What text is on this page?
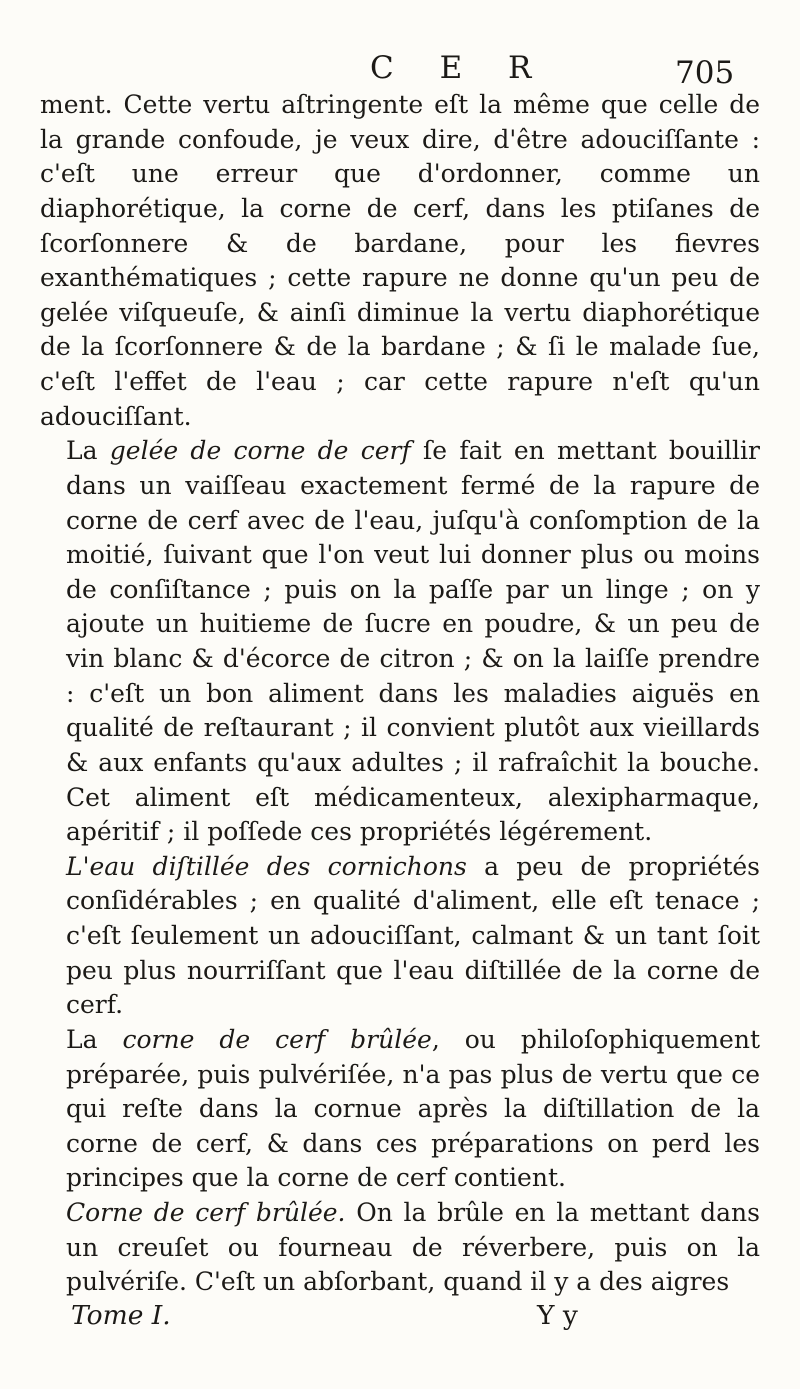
C E R	705

ment. Cette vertu aſtringente eſt la même que celle de la grande confoude, je veux dire, d'être adouciſſante : c'eſt une erreur que d'ordonner, comme un diaphorétique, la corne de cerf, dans les ptiſanes de ſcorſonnere & de bardane, pour les fievres exanthématiques ; cette rapure ne donne qu'un peu de gelée viſqueuſe, & ainſi diminue la vertu diaphorétique de la ſcorſonnere & de la bardane ; & ſi le malade ſue, c'eſt l'effet de l'eau ; car cette rapure n'eſt qu'un adouciſſant.

La gelée de corne de cerf ſe fait en mettant bouillir dans un vaiſſeau exactement fermé de la rapure de corne de cerf avec de l'eau, juſqu'à conſomption de la moitié, ſuivant que l'on veut lui donner plus ou moins de conſiſtance ; puis on la paſſe par un linge ; on y ajoute un huitieme de ſucre en poudre, & un peu de vin blanc & d'écorce de citron ; & on la laiſſe prendre : c'eſt un bon aliment dans les maladies aiguës en qualité de reſtaurant ; il convient plutôt aux vieillards & aux enfants qu'aux adultes ; il rafraîchit la bouche. Cet aliment eſt médicamenteux, alexipharmaque, apéritif ; il poſſede ces propriétés légérement.

L'eau diſtillée des cornichons a peu de propriétés conſidérables ; en qualité d'aliment, elle eſt tenace ; c'eſt ſeulement un adouciſſant, calmant & un tant ſoit peu plus nourriſſant que l'eau diſtillée de la corne de cerf.

La corne de cerf brûlée, ou philoſophiquement préparée, puis pulvériſée, n'a pas plus de vertu que ce qui reſte dans la cornue après la diſtillation de la corne de cerf, & dans ces préparations on perd les principes que la corne de cerf contient.

Corne de cerf brûlée. On la brûle en la mettant dans un creuſet ou fourneau de réverbere, puis on la pulvériſe. C'eſt un abſorbant, quand il y a des aigres

Tome I.	Y y
